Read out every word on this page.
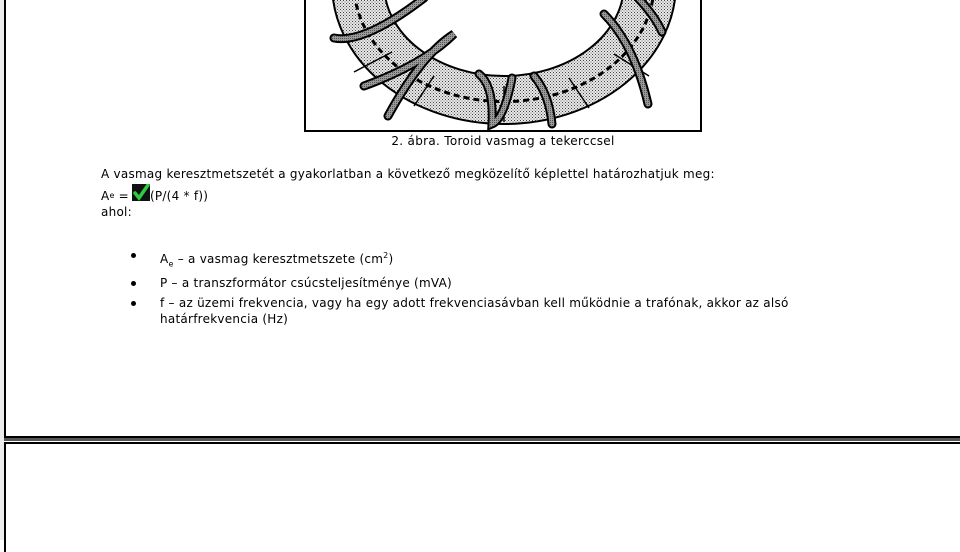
2. ábra. Toroid vasmag a tekerccsel
A vasmag keresztmetszetét a gyakorlatban a következő megközelítő képlettel határozhatjuk meg:
A e = (P/(4 * f))
ahol:
$A_e$ – a vasmag keresztmetszete $(cm^2)$
P – a transzformátor csúcsteljesítménye (mVA)
f – az üzemi frekvencia, vagy ha egy adott frekvenciasávban kell működnie a trafónak, akkor az alsó
határfrekvencia (Hz)
